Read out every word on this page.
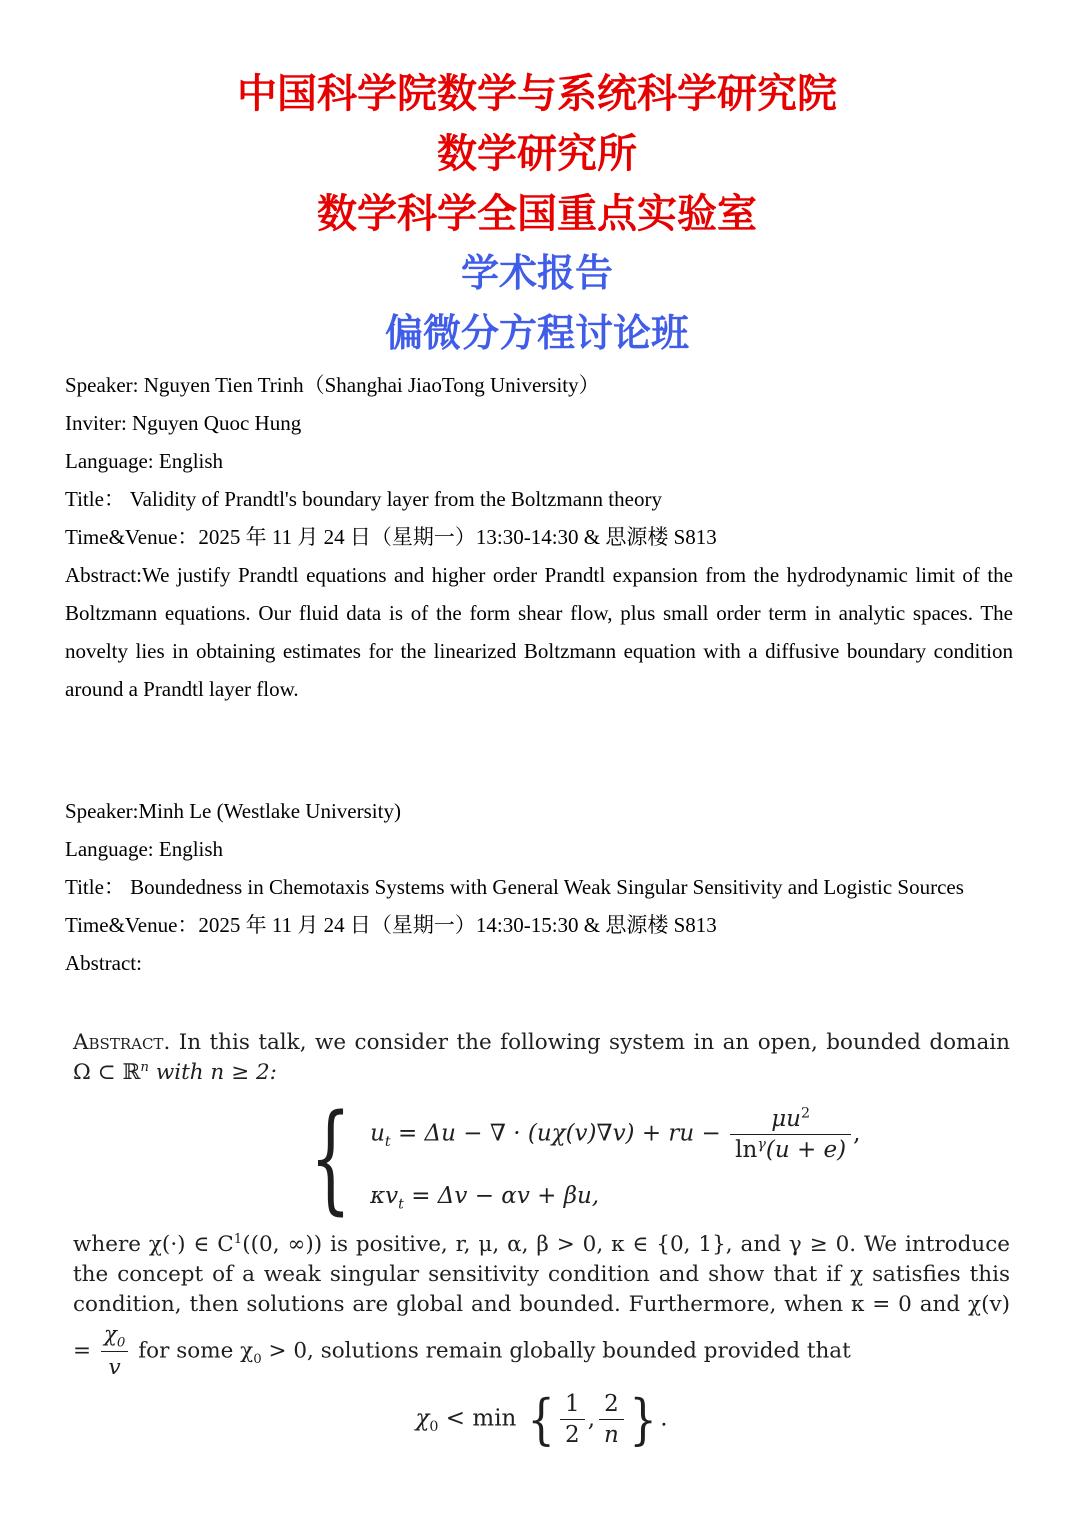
中国科学院数学与系统科学研究院
数学研究所
数学科学全国重点实验室
学术报告
偏微分方程讨论班

Speaker: Nguyen Tien Trinh（Shanghai JiaoTong University）

Inviter: Nguyen Quoc Hung

Language: English

Title： Validity of Prandtl's boundary layer from the Boltzmann theory

Time&Venue：2025 年 11 月 24 日（星期一）13:30-14:30 & 思源楼 S813

Abstract:We justify Prandtl equations and higher order Prandtl expansion from the hydrodynamic limit of the Boltzmann equations. Our fluid data is of the form shear flow, plus small order term in analytic spaces. The novelty lies in obtaining estimates for the linearized Boltzmann equation with a diffusive boundary condition around a Prandtl layer flow.

Speaker:Minh Le (Westlake University)

Language: English

Title： Boundedness in Chemotaxis Systems with General Weak Singular Sensitivity and Logistic Sources

Time&Venue：2025 年 11 月 24 日（星期一）14:30-15:30 & 思源楼 S813

Abstract:

Abstract. In this talk, we consider the following system in an open, bounded domain Ω ⊂ ℝ$^n$ with n ≥ 2:

{ $u_t = \Delta u$ − ∇ · (uχ(v)∇v) + ru − $\frac{\mu u^2}{\ln^\gamma(u + e)}$ ,
$\kappa v_t = \Delta v - \alpha v + \beta u$,

where χ(·) ∈ $C^1((0$, ∞)) is positive, r, μ, α, β > 0, κ ∈ {0, 1}, and γ ≥ 0. We introduce the concept of a weak singular sensitivity condition and show that if χ satisfies this condition, then solutions are global and bounded. Furthermore, when κ = 0 and $\chi(v) = \frac{\chi_0}{v}$ for some $\chi_0 > 0$, solutions remain globally bounded provided that

$\chi_0 < \min$ { $\frac{1}{2}$ , $\frac{2}{n}$ } .
